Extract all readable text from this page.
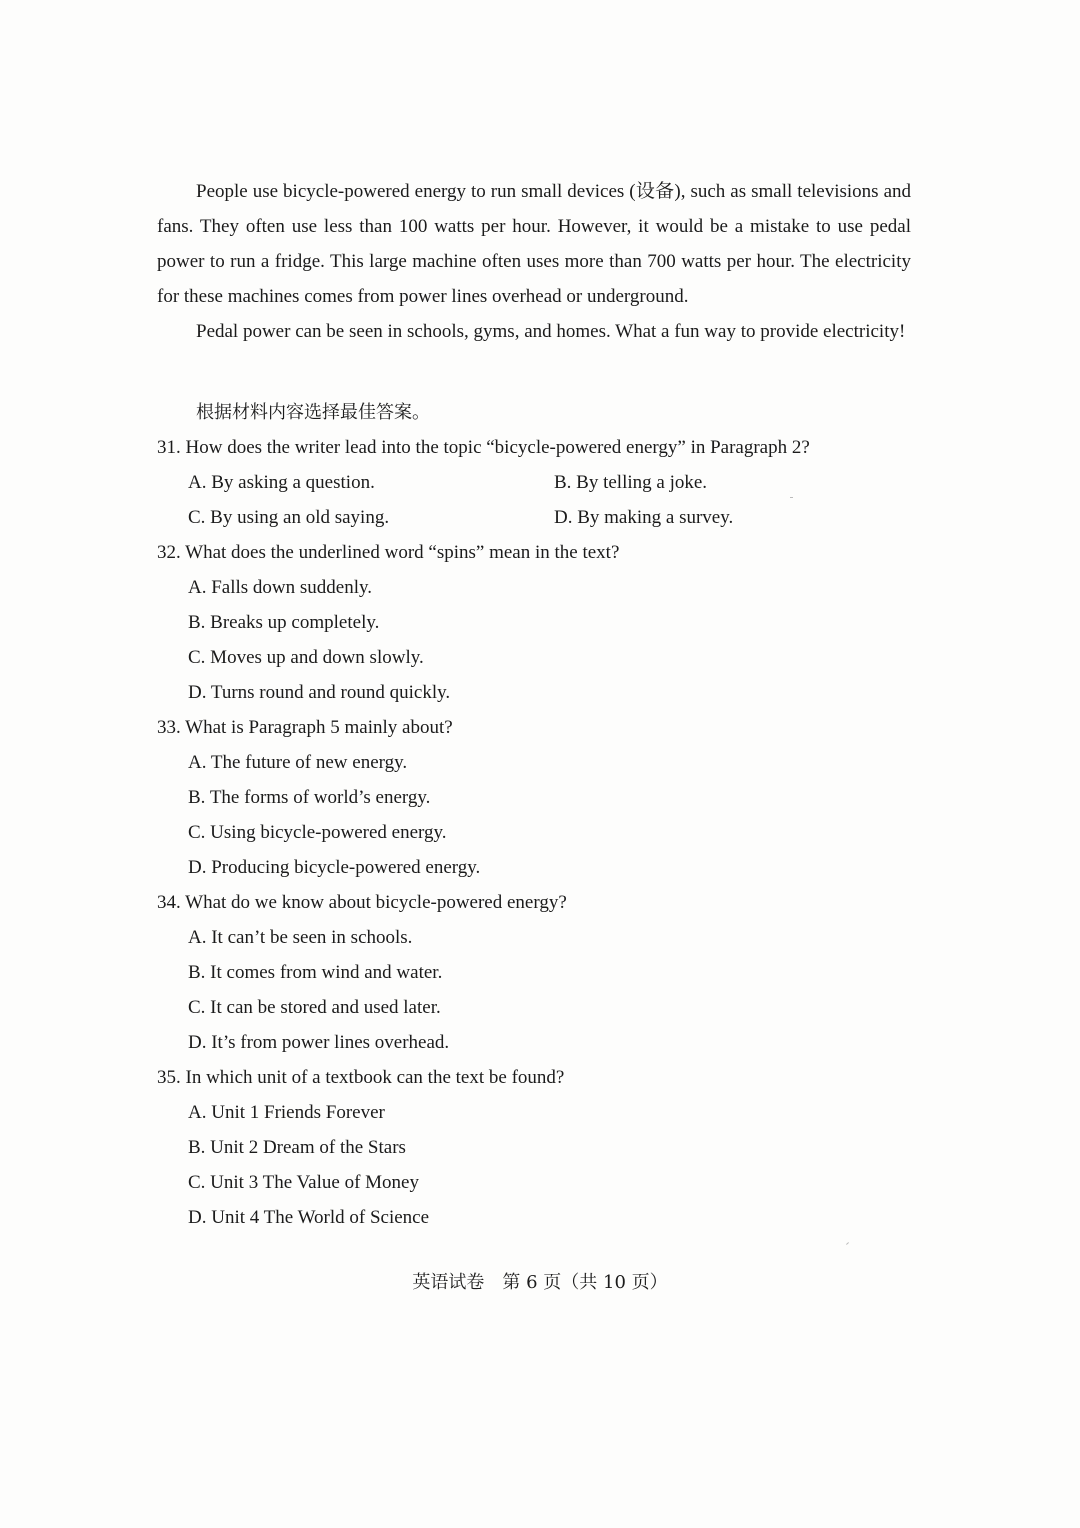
People use bicycle-powered energy to run small devices (设备), such as small televisions and fans. They often use less than 100 watts per hour. However, it would be a mistake to use pedal power to run a fridge. This large machine often uses more than 700 watts per hour. The electricity for these machines comes from power lines overhead or underground.

Pedal power can be seen in schools, gyms, and homes. What a fun way to provide electricity!

根据材料内容选择最佳答案。

31. How does the writer lead into the topic “bicycle-powered energy” in Paragraph 2?

A. By asking a question.	B. By telling a joke.
C. By using an old saying.	D. By making a survey.

32. What does the underlined word “spins” mean in the text?

A. Falls down suddenly.
B. Breaks up completely.
C. Moves up and down slowly.
D. Turns round and round quickly.

33. What is Paragraph 5 mainly about?

A. The future of new energy.
B. The forms of world’s energy.
C. Using bicycle-powered energy.
D. Producing bicycle-powered energy.

34. What do we know about bicycle-powered energy?

A. It can’t be seen in schools.
B. It comes from wind and water.
C. It can be stored and used later.
D. It’s from power lines overhead.

35. In which unit of a textbook can the text be found?

A. Unit 1 Friends Forever
B. Unit 2 Dream of the Stars
C. Unit 3 The Value of Money
D. Unit 4 The World of Science
英语试卷　第 6 页（共 10 页）
